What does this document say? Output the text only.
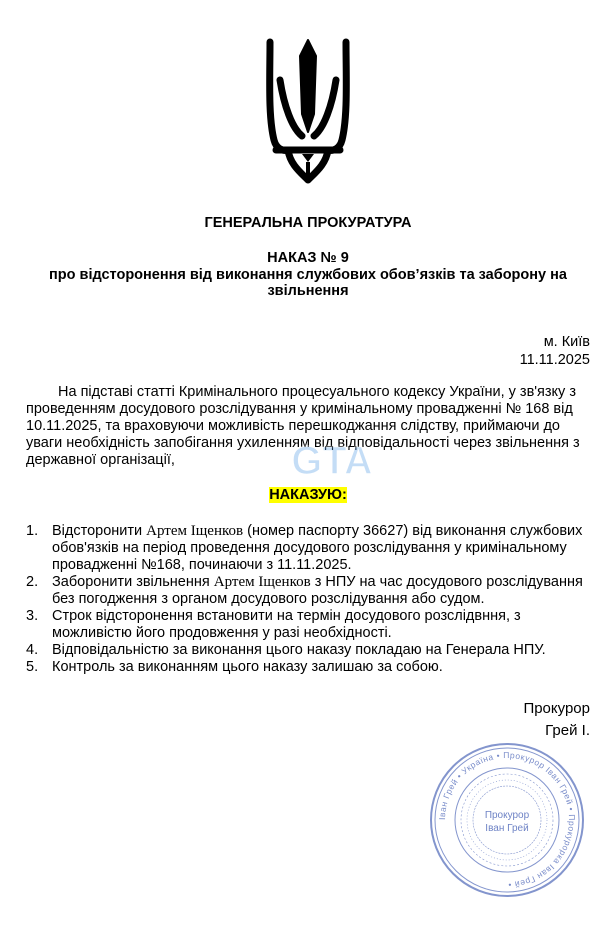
ГЕНЕРАЛЬНА ПРОКУРАТУРА
НАКАЗ № 9
про відсторонення від виконання службових обов’язків та заборону на звільнення
м. Київ
11.11.2025

На підставі статті Кримінального процесуального кодексу України, у зв'язку з проведенням досудового розслідування у кримінальному провадженні № 168 від 10.11.2025, та враховуючи можливість перешкоджання слідству, приймаючи до уваги необхідність запобігання ухиленням від відповідальності через звільнення з державної організації,	GTA
НАКАЗУЮ:
1. Відсторонити Артем Іщенков (номер паспорту 36627) від виконання службових обов'язків на період проведення досудового розслідування у кримінальному провадженні №168, починаючи з 11.11.2025.
2. Заборонити звільнення Артем Іщенков з НПУ на час досудового розслідування без погодження з органом досудового розслідування або судом.
3. Строк відсторонення встановити на термін досудового розслідвння, з можливістю його продовження у разі необхідності.
4. Відповідальністю за виконання цього наказу покладаю на Генерала НПУ.
5. Контроль за виконанням цього наказу залишаю за собою.
Прокурор
Грей І.
Іван Грей • Україна • Прокурор Іван Грей • Прокурорка Іван Грей •
Прокурор
Іван Грей
